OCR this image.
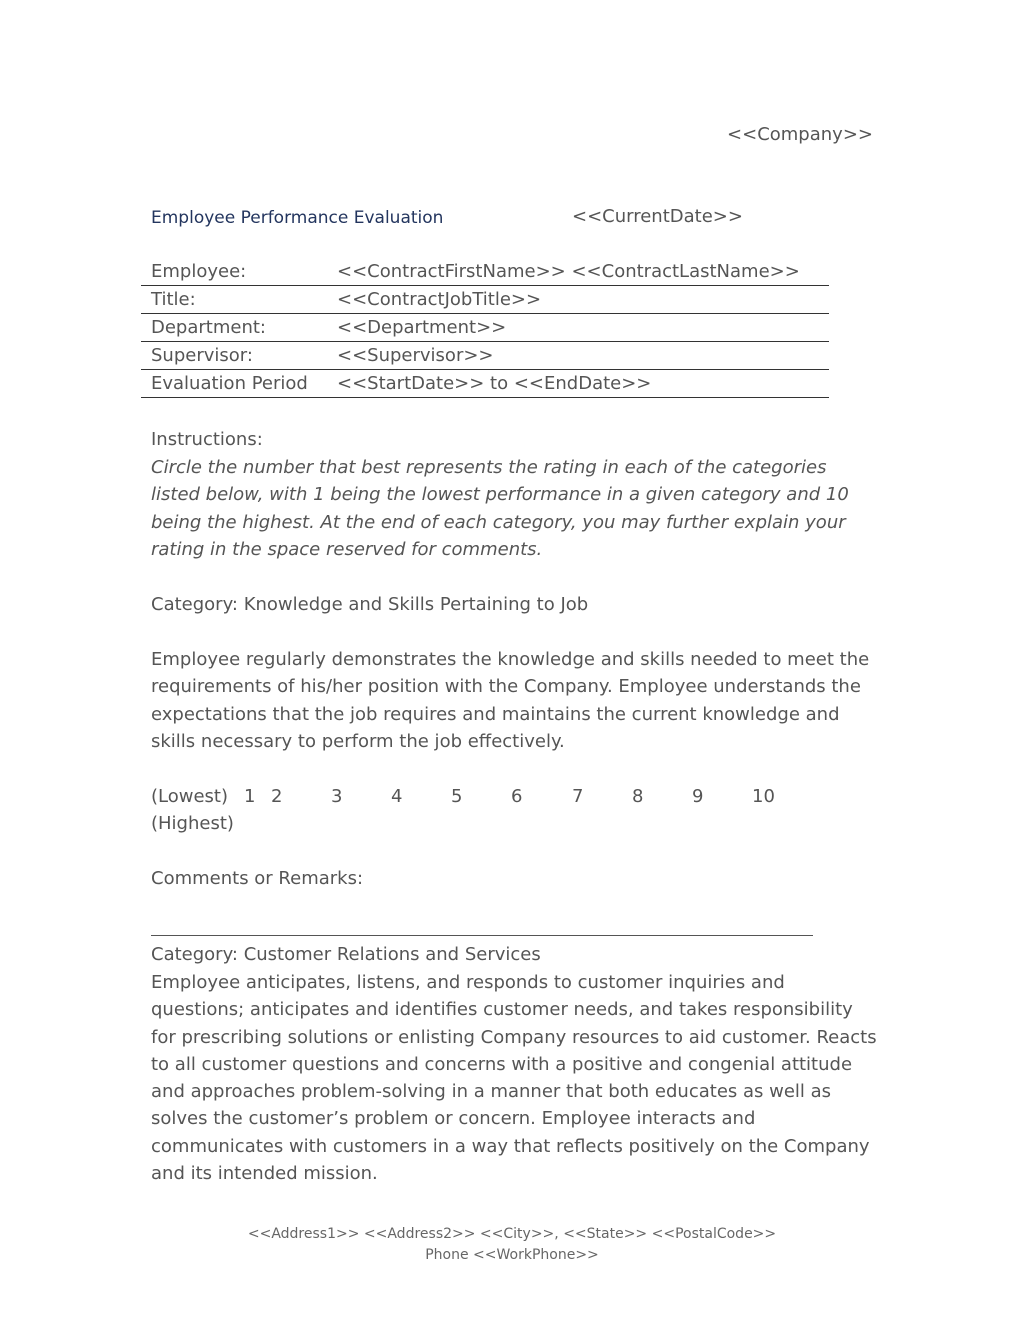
<<Company>>
Employee Performance Evaluation	<<CurrentDate>>
Employee:	<<ContractFirstName>> <<ContractLastName>>
Title:	<<ContractJobTitle>>
Department:	<<Department>>
Supervisor:	<<Supervisor>>
Evaluation Period	<<StartDate>> to <<EndDate>>
Instructions:
Circle the number that best represents the rating in each of the categories listed below, with 1 being the lowest performance in a given category and 10 being the highest. At the end of each category, you may further explain your rating in the space reserved for comments.
Category: Knowledge and Skills Pertaining to Job
Employee regularly demonstrates the knowledge and skills needed to meet the requirements of his/her position with the Company. Employee understands the expectations that the job requires and maintains the current knowledge and skills necessary to perform the job effectively.
(Lowest) 1 2	3	4	5	6	7	8	9	10
(Highest)
Comments or Remarks:
Category: Customer Relations and Services
Employee anticipates, listens, and responds to customer inquiries and questions; anticipates and identifies customer needs, and takes responsibility for prescribing solutions or enlisting Company resources to aid customer. Reacts to all customer questions and concerns with a positive and congenial attitude and approaches problem-solving in a manner that both educates as well as solves the customer’s problem or concern. Employee interacts and communicates with customers in a way that reflects positively on the Company and its intended mission.
<<Address1>> <<Address2>> <<City>>, <<State>> <<PostalCode>>
Phone <<WorkPhone>>
